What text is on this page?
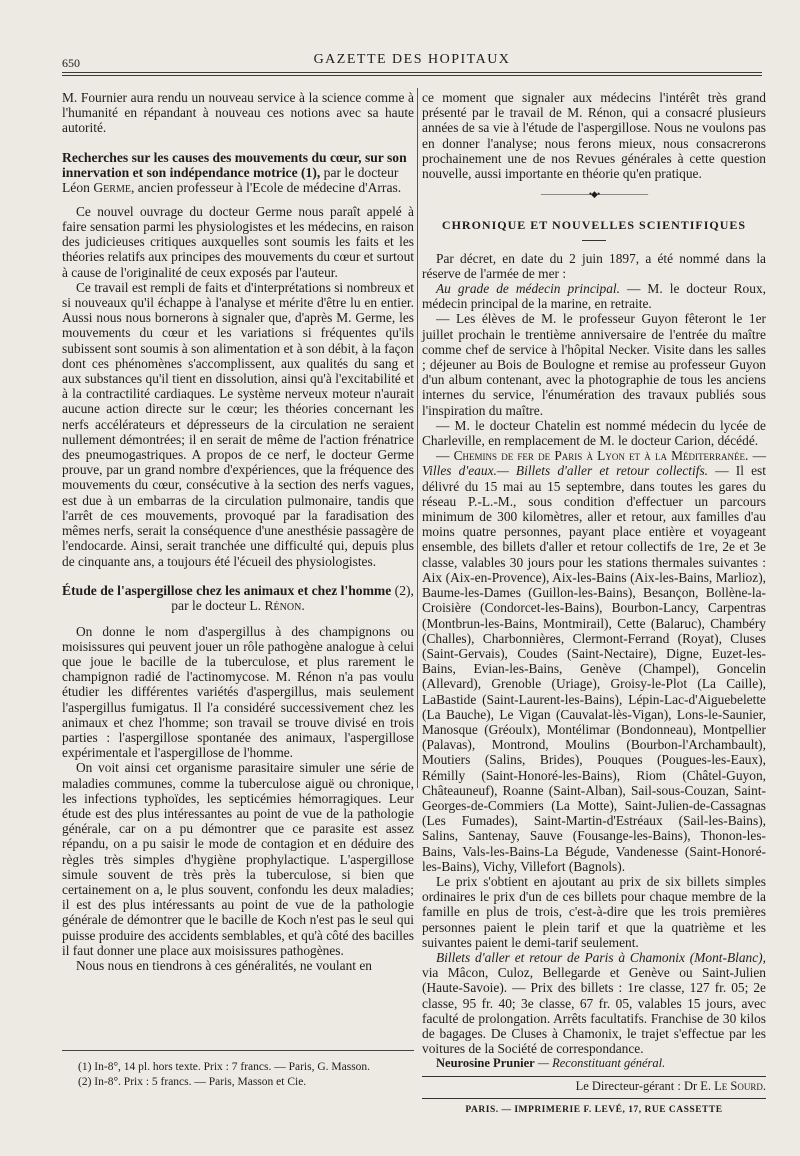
650	GAZETTE DES HOPITAUX

M. Fournier aura rendu un nouveau service à la science comme à l'humanité en répandant à nouveau ces notions avec sa haute autorité.

Recherches sur les causes des mouvements du cœur, sur son innervation et son indépendance motrice (1), par le docteur Léon Germe, ancien professeur à l'Ecole de médecine d'Arras.

Ce nouvel ouvrage du docteur Germe nous paraît appelé à faire sensation parmi les physiologistes et les médecins, en raison des judicieuses critiques auxquelles sont soumis les faits et les théories relatifs aux principes des mouvements du cœur et surtout à cause de l'originalité de ceux exposés par l'auteur.

Ce travail est rempli de faits et d'interprétations si nombreux et si nouveaux qu'il échappe à l'analyse et mérite d'être lu en entier. Aussi nous nous bornerons à signaler que, d'après M. Germe, les mouvements du cœur et les variations si fréquentes qu'ils subissent sont soumis à son alimentation et à son débit, à la façon dont ces phénomènes s'accomplissent, aux qualités du sang et aux substances qu'il tient en dissolution, ainsi qu'à l'excitabilité et à la contractilité cardiaques. Le système nerveux moteur n'aurait aucune action directe sur le cœur; les théories concernant les nerfs accélérateurs et dépresseurs de la circulation ne seraient nullement démontrées; il en serait de même de l'action frénatrice des pneumogastriques. A propos de ce nerf, le docteur Germe prouve, par un grand nombre d'expériences, que la fréquence des mouvements du cœur, consécutive à la section des nerfs vagues, est due à un embarras de la circulation pulmonaire, tandis que l'arrêt de ces mouvements, provoqué par la faradisation des mêmes nerfs, serait la conséquence d'une anesthésie passagère de l'endocarde. Ainsi, serait tranchée une difficulté qui, depuis plus de cinquante ans, a toujours été l'écueil des physiologistes.

Étude de l'aspergillose chez les animaux et chez l'homme (2), par le docteur L. Rénon.

On donne le nom d'aspergillus à des champignons ou moisissures qui peuvent jouer un rôle pathogène analogue à celui que joue le bacille de la tuberculose, et plus rarement le champignon radié de l'actinomycose. M. Rénon n'a pas voulu étudier les différentes variétés d'aspergillus, mais seulement l'aspergillus fumigatus. Il l'a considéré successivement chez les animaux et chez l'homme; son travail se trouve divisé en trois parties : l'aspergillose spontanée des animaux, l'aspergillose expérimentale et l'aspergillose de l'homme.

On voit ainsi cet organisme parasitaire simuler une série de maladies communes, comme la tuberculose aiguë ou chronique, les infections typhoïdes, les septicémies hémorragiques. Leur étude est des plus intéressantes au point de vue de la pathologie générale, car on a pu démontrer que ce parasite est assez répandu, on a pu saisir le mode de contagion et en déduire des règles très simples d'hygiène prophylactique. L'aspergillose simule souvent de très près la tuberculose, si bien que certainement on a, le plus souvent, confondu les deux maladies; il est des plus intéressants au point de vue de la pathologie générale de démontrer que le bacille de Koch n'est pas le seul qui puisse produire des accidents semblables, et qu'à côté des bacilles il faut donner une place aux moisissures pathogènes.

Nous nous en tiendrons à ces généralités, ne voulant en

(1) In-8°, 14 pl. hors texte. Prix : 7 francs. — Paris, G. Masson.
(2) In-8°. Prix : 5 francs. — Paris, Masson et Cie.

ce moment que signaler aux médecins l'intérêt très grand présenté par le travail de M. Rénon, qui a consacré plusieurs années de sa vie à l'étude de l'aspergillose. Nous ne voulons pas en donner l'analyse; nous ferons mieux, nous consacrerons prochainement une de nos Revues générales à cette question nouvelle, aussi importante en théorie qu'en pratique.

——————•◆•——————
CHRONIQUE ET NOUVELLES SCIENTIFIQUES

Par décret, en date du 2 juin 1897, a été nommé dans la réserve de l'armée de mer :

Au grade de médecin principal. — M. le docteur Roux, médecin principal de la marine, en retraite.

— Les élèves de M. le professeur Guyon fêteront le 1er juillet prochain le trentième anniversaire de l'entrée du maître comme chef de service à l'hôpital Necker. Visite dans les salles ; déjeuner au Bois de Boulogne et remise au professeur Guyon d'un album contenant, avec la photographie de tous les anciens internes du service, l'énumération des travaux publiés sous l'inspiration du maître.

— M. le docteur Chatelin est nommé médecin du lycée de Charleville, en remplacement de M. le docteur Carion, décédé.

— Chemins de fer de Paris à Lyon et à la Méditerranée. — Villes d'eaux.— Billets d'aller et retour collectifs. — Il est délivré du 15 mai au 15 septembre, dans toutes les gares du réseau P.-L.-M., sous condition d'effectuer un parcours minimum de 300 kilomètres, aller et retour, aux familles d'au moins quatre personnes, payant place entière et voyageant ensemble, des billets d'aller et retour collectifs de 1re, 2e et 3e classe, valables 30 jours pour les stations thermales suivantes : Aix (Aix-en-Provence), Aix-les-Bains (Aix-les-Bains, Marlioz), Baume-les-Dames (Guillon-les-Bains), Besançon, Bollène-la-Croisière (Condorcet-les-Bains), Bourbon-Lancy, Carpentras (Montbrun-les-Bains, Montmirail), Cette (Balaruc), Chambéry (Challes), Charbonnières, Clermont-Ferrand (Royat), Cluses (Saint-Gervais), Coudes (Saint-Nectaire), Digne, Euzet-les-Bains, Evian-les-Bains, Genève (Champel), Goncelin (Allevard), Grenoble (Uriage), Groisy-le-Plot (La Caille), LaBastide (Saint-Laurent-les-Bains), Lépin-Lac-d'Aiguebelette (La Bauche), Le Vigan (Cauvalat-lès-Vigan), Lons-le-Saunier, Manosque (Gréoulx), Montélimar (Bondonneau), Montpellier (Palavas), Montrond, Moulins (Bourbon-l'Archambault), Moutiers (Salins, Brides), Pouques (Pougues-les-Eaux), Rémilly (Saint-Honoré-les-Bains), Riom (Châtel-Guyon, Châteauneuf), Roanne (Saint-Alban), Sail-sous-Couzan, Saint-Georges-de-Commiers (La Motte), Saint-Julien-de-Cassagnas (Les Fumades), Saint-Martin-d'Estréaux (Sail-les-Bains), Salins, Santenay, Sauve (Fousange-les-Bains), Thonon-les-Bains, Vals-les-Bains-La Bégude, Vandenesse (Saint-Honoré-les-Bains), Vichy, Villefort (Bagnols).

Le prix s'obtient en ajoutant au prix de six billets simples ordinaires le prix d'un de ces billets pour chaque membre de la famille en plus de trois, c'est-à-dire que les trois premières personnes paient le plein tarif et que la quatrième et les suivantes paient le demi-tarif seulement.

Billets d'aller et retour de Paris à Chamonix (Mont-Blanc), via Mâcon, Culoz, Bellegarde et Genève ou Saint-Julien (Haute-Savoie). — Prix des billets : 1re classe, 127 fr. 05; 2e classe, 95 fr. 40; 3e classe, 67 fr. 05, valables 15 jours, avec faculté de prolongation. Arrêts facultatifs. Franchise de 30 kilos de bagages. De Cluses à Chamonix, le trajet s'effectue par les voitures de la Société de correspondance.

Neurosine Prunier — Reconstituant général.

Le Directeur-gérant : Dr E. Le Sourd.
PARIS. — IMPRIMERIE F. LEVÉ, 17, RUE CASSETTE
